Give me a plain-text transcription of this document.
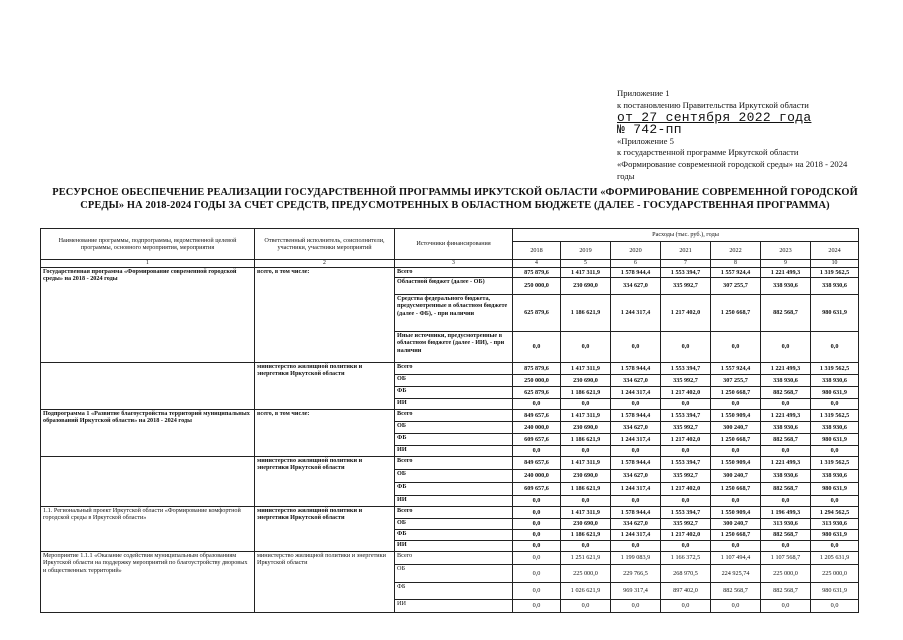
Приложение 1
к постановлению Правительства Иркутской области
от 27 сентября 2022 года
№ 742-пп
«Приложение 5
к государственной программе Иркутской области
«Формирование современной городской среды» на 2018 - 2024
годы
РЕСУРСНОЕ ОБЕСПЕЧЕНИЕ РЕАЛИЗАЦИИ ГОСУДАРСТВЕННОЙ ПРОГРАММЫ ИРКУТСКОЙ ОБЛАСТИ «ФОРМИРОВАНИЕ СОВРЕМЕННОЙ ГОРОДСКОЙ СРЕДЫ» НА 2018-2024 ГОДЫ ЗА СЧЕТ СРЕДСТВ, ПРЕДУСМОТРЕННЫХ В ОБЛАСТНОМ БЮДЖЕТЕ (ДАЛЕЕ - ГОСУДАРСТВЕННАЯ ПРОГРАММА)
Наименование программы, подпрограммы, ведомственной целевой программы, основного мероприятия, мероприятия	Ответственный исполнитель, соисполнители, участники, участники мероприятий	Источники финансирования	Расходы (тыс. руб.), годы						
			2018	2019	2020	2021	2022	2023	2024
1	2	3	4	5	6	7	8	9	10
Государственная программа «Формирование современной городской среды» на 2018 - 2024 годы	всего, в том числе:	Всего	875 879,6	1 417 311,9	1 578 944,4	1 553 394,7	1 557 924,4	1 221 499,3	1 319 562,5
		Областной бюджет (далее - ОБ)	250 000,0	230 690,0	334 627,0	335 992,7	307 255,7	338 930,6	338 930,6
		Средства федерального бюджета, предусмотренные в областном бюджете (далее - ФБ), - при наличии	625 879,6	1 186 621,9	1 244 317,4	1 217 402,0	1 250 668,7	882 568,7	980 631,9
		Иные источники, предусмотренные в областном бюджете (далее - ИИ), - при наличии	0,0	0,0	0,0	0,0	0,0	0,0	0,0
	министерство жилищной политики и энергетики Иркутской области	Всего	875 879,6	1 417 311,9	1 578 944,4	1 553 394,7	1 557 924,4	1 221 499,3	1 319 562,5
		ОБ	250 000,0	230 690,0	334 627,0	335 992,7	307 255,7	338 930,6	338 930,6
		ФБ	625 879,6	1 186 621,9	1 244 317,4	1 217 402,0	1 250 668,7	882 568,7	980 631,9
		ИИ	0,0	0,0	0,0	0,0	0,0	0,0	0,0
Подпрограмма 1 «Развитие благоустройства территорий муниципальных образований Иркутской области» на 2018 - 2024 годы	всего, в том числе:	Всего	849 657,6	1 417 311,9	1 578 944,4	1 553 394,7	1 550 909,4	1 221 499,3	1 319 562,5
		ОБ	240 000,0	230 690,0	334 627,0	335 992,7	300 240,7	338 930,6	338 930,6
		ФБ	609 657,6	1 186 621,9	1 244 317,4	1 217 402,0	1 250 668,7	882 568,7	980 631,9
		ИИ	0,0	0,0	0,0	0,0	0,0	0,0	0,0
	министерство жилищной политики и энергетики Иркутской области	Всего	849 657,6	1 417 311,9	1 578 944,4	1 553 394,7	1 550 909,4	1 221 499,3	1 319 562,5
		ОБ	240 000,0	230 690,0	334 627,0	335 992,7	300 240,7	338 930,6	338 930,6
		ФБ	609 657,6	1 186 621,9	1 244 317,4	1 217 402,0	1 250 668,7	882 568,7	980 631,9
		ИИ	0,0	0,0	0,0	0,0	0,0	0,0	0,0
1.1. Региональный проект Иркутской области «Формирование комфортной городской среды в Иркутской области»	министерство жилищной политики и энергетики Иркутской области	Всего	0,0	1 417 311,9	1 578 944,4	1 553 394,7	1 550 909,4	1 196 499,3	1 294 562,5
		ОБ	0,0	230 690,0	334 627,0	335 992,7	300 240,7	313 930,6	313 930,6
		ФБ	0,0	1 186 621,9	1 244 317,4	1 217 402,0	1 250 668,7	882 568,7	980 631,9
		ИИ	0,0	0,0	0,0	0,0	0,0	0,0	0,0
Мероприятие 1.1.1 «Оказание содействия муниципальным образованиям Иркутской области на поддержку мероприятий по благоустройству дворовых и общественных территорий»	министерство жилищной политики и энергетики Иркутской области	Всего	0,0	1 251 621,9	1 199 083,9	1 166 372,5	1 107 494,4	1 107 568,7	1 205 631,9
		ОБ	0,0	225 000,0	229 766,5	268 970,5	224 925,74	225 000,0	225 000,0
		ФБ	0,0	1 026 621,9	969 317,4	897 402,0	882 568,7	882 568,7	980 631,9
		ИИ	0,0	0,0	0,0	0,0	0,0	0,0	0,0
